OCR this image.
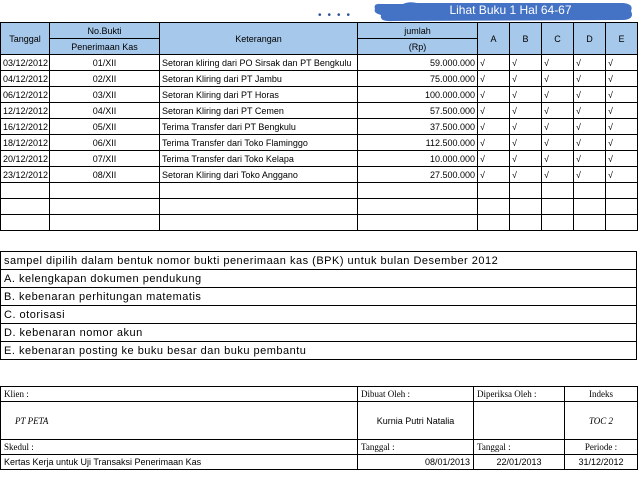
••••	Lihat Buku 1 Hal 64-67
Tanggal	No.Bukti	Keterangan	jumlah	A	B	C	D	E
	Penerimaan Kas		(Rp)					
03/12/2012	01/XII	Setoran kliring dari PO Sirsak dan PT Bengkulu	59.000.000	√	√	√	√	√
04/12/2012	02/XII	Setoran Kliring dari PT Jambu	75.000.000	√	√	√	√	√
06/12/2012	03/XII	Setoran Kliring dari PT Horas	100.000.000	√	√	√	√	√
12/12/2012	04/XII	Setoran Kliring dari PT Cemen	57.500.000	√	√	√	√	√
16/12/2012	05/XII	Terima Transfer dari PT Bengkulu	37.500.000	√	√	√	√	√
18/12/2012	06/XII	Terima Transfer dari Toko Flaminggo	112.500.000	√	√	√	√	√
20/12/2012	07/XII	Terima Transfer dari Toko Kelapa	10.000.000	√	√	√	√	√
23/12/2012	08/XII	Setoran Kliring dari Toko Anggano	27.500.000	√	√	√	√	√

sampel dipilih dalam bentuk nomor bukti penerimaan kas (BPK) untuk bulan Desember 2012
A. kelengkapan dokumen pendukung
B. kebenaran perhitungan matematis
C. otorisasi
D. kebenaran nomor akun
E. kebenaran posting ke buku besar dan buku pembantu
Klien :	Dibuat Oleh :	Diperiksa Oleh :	Indeks
PT PETA	Kurnia Putri Natalia		TOC 2
Skedul :	Tanggal :	Tanggal :	Periode :
Kertas Kerja untuk Uji Transaksi Penerimaan Kas	08/01/2013	22/01/2013	31/12/2012
